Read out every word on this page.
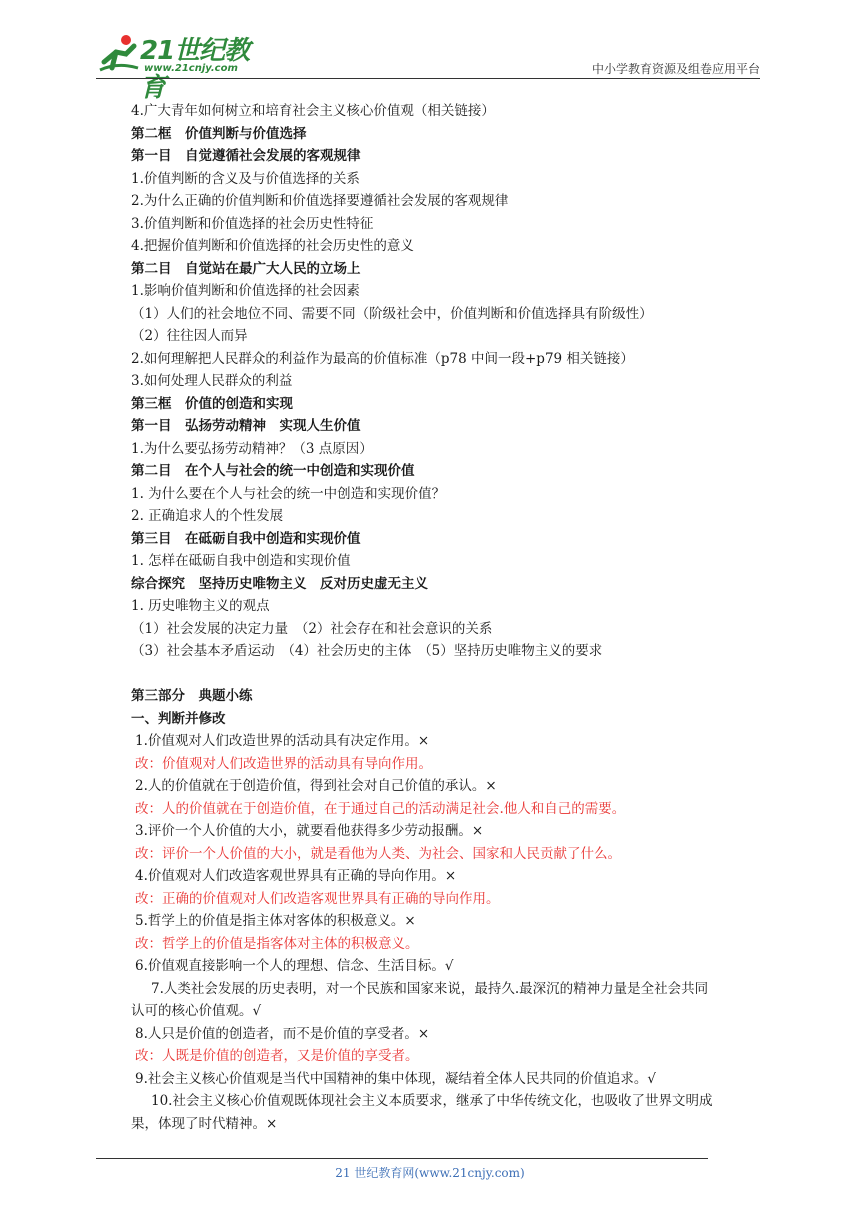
21世纪教育
www.21cnjy.com	中小学教育资源及组卷应用平台
4.广大青年如何树立和培育社会主义核心价值观（相关链接）
第二框　价值判断与价值选择
第一目　自觉遵循社会发展的客观规律
1.价值判断的含义及与价值选择的关系
2.为什么正确的价值判断和价值选择要遵循社会发展的客观规律
3.价值判断和价值选择的社会历史性特征
4.把握价值判断和价值选择的社会历史性的意义
第二目　自觉站在最广大人民的立场上
1.影响价值判断和价值选择的社会因素
（1）人们的社会地位不同、需要不同（阶级社会中，价值判断和价值选择具有阶级性）
（2）往往因人而异
2.如何理解把人民群众的利益作为最高的价值标准（p78 中间一段+p79 相关链接）
3.如何处理人民群众的利益
第三框　价值的创造和实现
第一目　弘扬劳动精神　实现人生价值
1.为什么要弘扬劳动精神？（3 点原因）
第二目　在个人与社会的统一中创造和实现价值
1. 为什么要在个人与社会的统一中创造和实现价值？
2. 正确追求人的个性发展
第三目　在砥砺自我中创造和实现价值
1. 怎样在砥砺自我中创造和实现价值
综合探究　坚持历史唯物主义　反对历史虚无主义
1. 历史唯物主义的观点
（1）社会发展的决定力量　（2）社会存在和社会意识的关系
（3）社会基本矛盾运动　（4）社会历史的主体　（5）坚持历史唯物主义的要求
第三部分　典题小练
一、判断并修改
1.价值观对人们改造世界的活动具有决定作用。×
改：价值观对人们改造世界的活动具有导向作用。
2.人的价值就在于创造价值，得到社会对自己价值的承认。×
改：人的价值就在于创造价值，在于通过自己的活动满足社会.他人和自己的需要。
3.评价一个人价值的大小，就要看他获得多少劳动报酬。×
改：评价一个人价值的大小，就是看他为人类、为社会、国家和人民贡献了什么。
4.价值观对人们改造客观世界具有正确的导向作用。×
改：正确的价值观对人们改造客观世界具有正确的导向作用。
5.哲学上的价值是指主体对客体的积极意义。×
改：哲学上的价值是指客体对主体的积极意义。
6.价值观直接影响一个人的理想、信念、生活目标。√
7.人类社会发展的历史表明，对一个民族和国家来说，最持久.最深沉的精神力量是全社会共同
认可的核心价值观。√
8.人只是价值的创造者，而不是价值的享受者。×
改：人既是价值的创造者，又是价值的享受者。
9.社会主义核心价值观是当代中国精神的集中体现，凝结着全体人民共同的价值追求。√
10.社会主义核心价值观既体现社会主义本质要求，继承了中华传统文化，也吸收了世界文明成
果，体现了时代精神。×
21 世纪教育网(www.21cnjy.com)
